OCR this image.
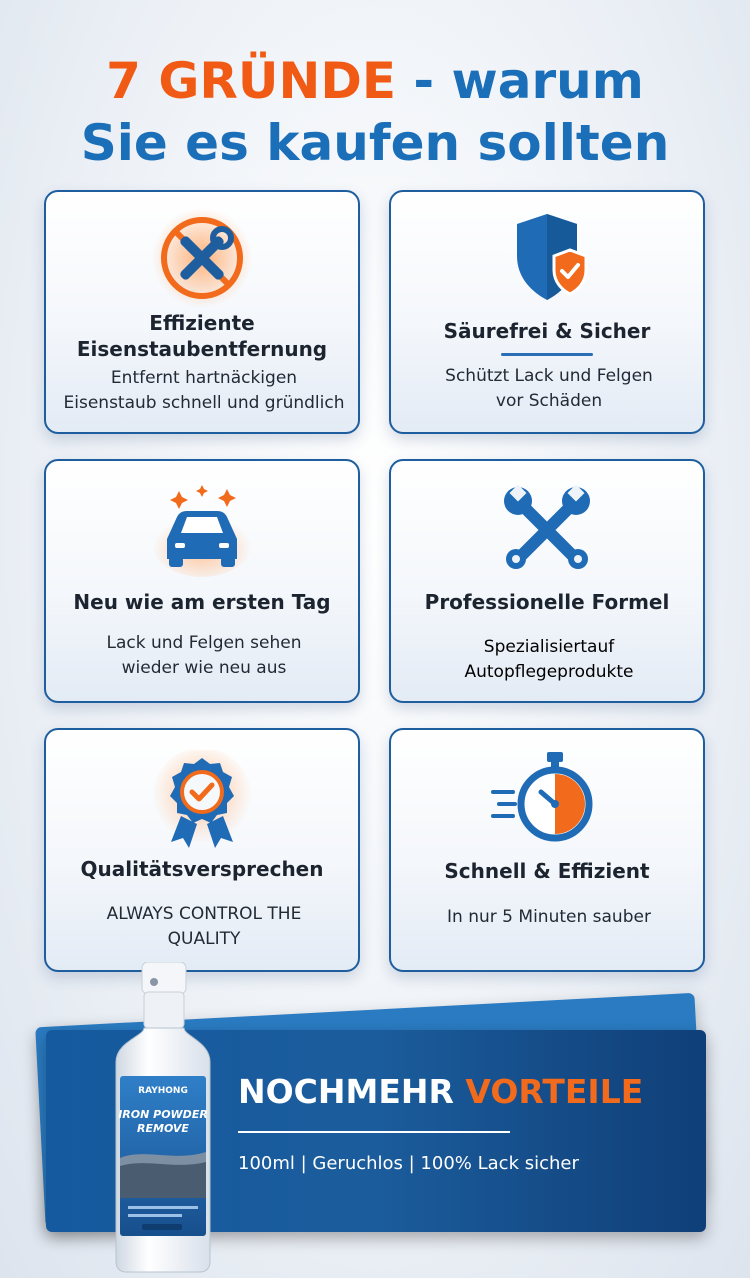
7 GRÜNDE - warum
Sie es kaufen sollten
Effiziente
Eisenstaubentfernung
Entfernt hartnäckigen
Eisenstaub schnell und gründlich
Säurefrei & Sicher
Schützt Lack und Felgen
vor Schäden
Neu wie am ersten Tag
Lack und Felgen sehen
wieder wie neu aus
Professionelle Formel
Spezialisiertauf
Autopflegeprodukte
Qualitätsversprechen
ALWAYS CONTROL THE
QUALITY
Schnell & Effizient
In nur 5 Minuten sauber
NOCHMEHR VORTEILE
100ml | Geruchlos | 100% Lack sicher
RAYHONG
IRON POWDER
REMOVE
